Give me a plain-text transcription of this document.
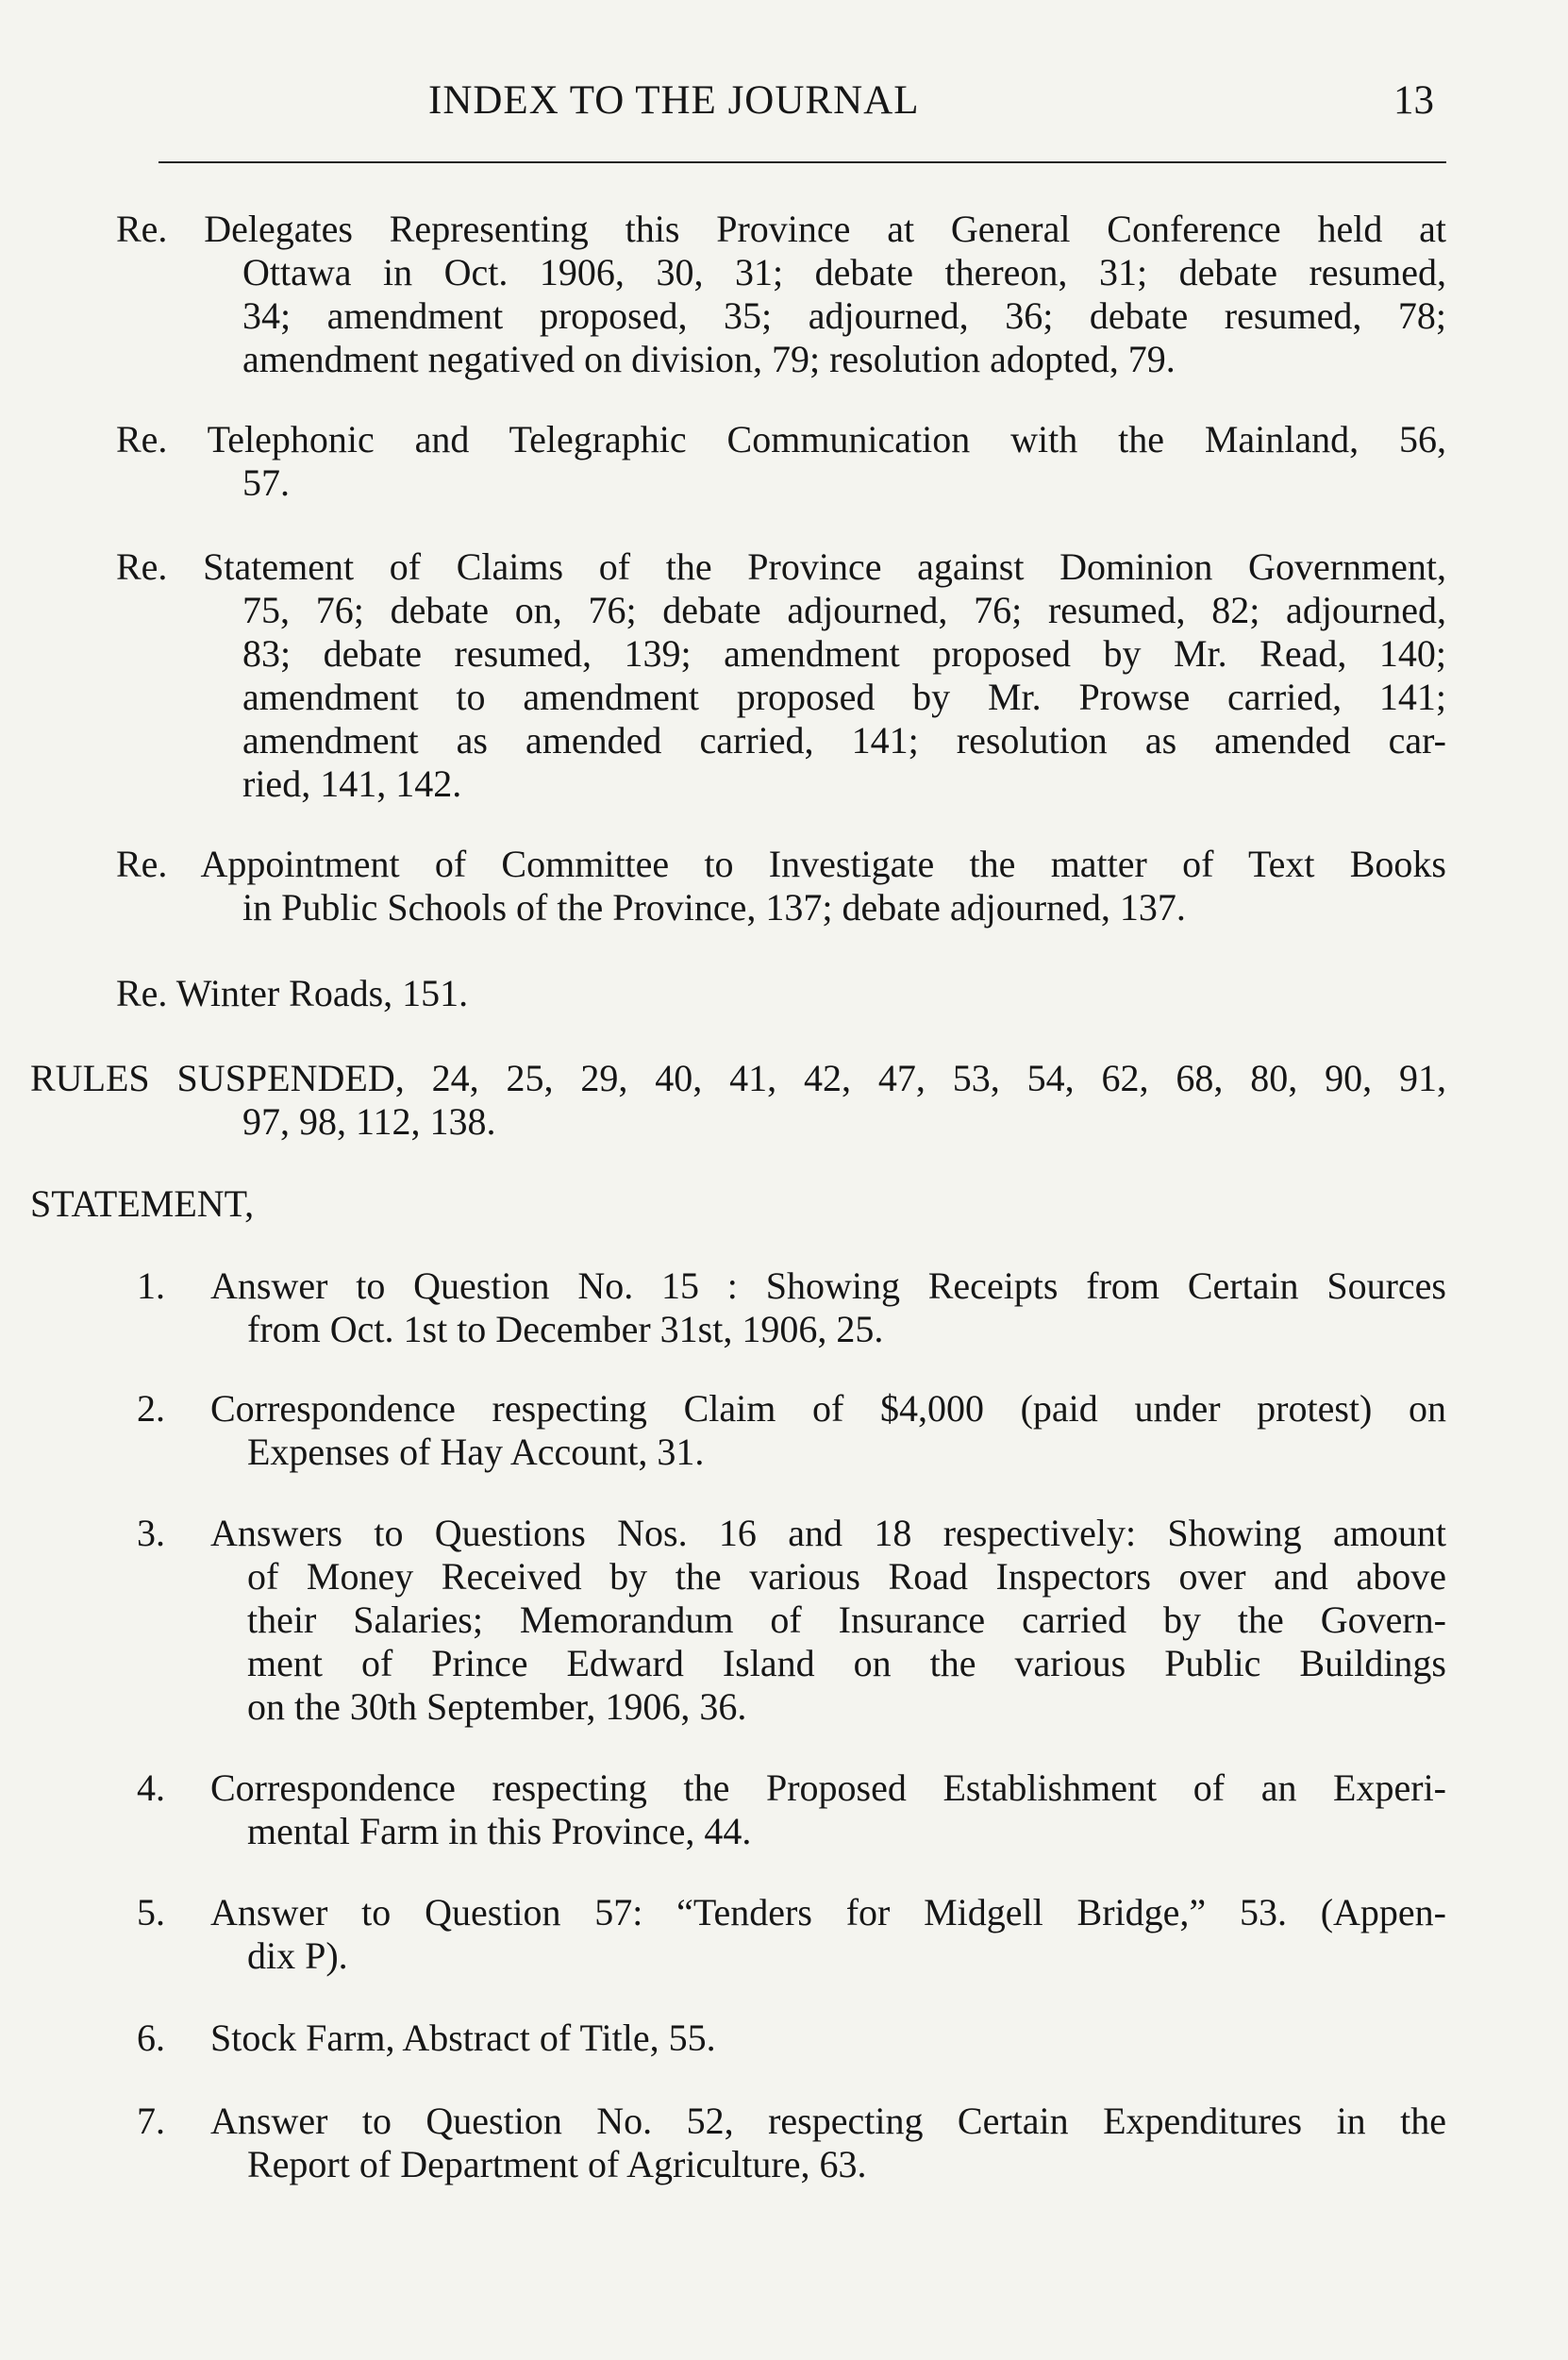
INDEX TO THE JOURNAL	13
Re. Delegates Representing this Province at General Conference held at
Ottawa in Oct. 1906, 30, 31; debate thereon, 31; debate resumed,
34; amendment proposed, 35; adjourned, 36; debate resumed, 78;
amendment negatived on division, 79; resolution adopted, 79.
Re. Telephonic and Telegraphic Communication with the Mainland, 56,
57.
Re. Statement of Claims of the Province against Dominion Government,
75, 76; debate on, 76; debate adjourned, 76; resumed, 82; adjourned,
83; debate resumed, 139; amendment proposed by Mr. Read, 140;
amendment to amendment proposed by Mr. Prowse carried, 141;
amendment as amended carried, 141; resolution as amended car-
ried, 141, 142.
Re. Appointment of Committee to Investigate the matter of Text Books
in Public Schools of the Province, 137; debate adjourned, 137.
Re. Winter Roads, 151.
RULES SUSPENDED, 24, 25, 29, 40, 41, 42, 47, 53, 54, 62, 68, 80, 90, 91,
97, 98, 112, 138.
STATEMENT,
1. Answer to Question No. 15 : Showing Receipts from Certain Sources
from Oct. 1st to December 31st, 1906, 25.
2. Correspondence respecting Claim of $4,000 (paid under protest) on
Expenses of Hay Account, 31.
3. Answers to Questions Nos. 16 and 18 respectively: Showing amount
of Money Received by the various Road Inspectors over and above
their Salaries; Memorandum of Insurance carried by the Govern-
ment of Prince Edward Island on the various Public Buildings
on the 30th September, 1906, 36.
4. Correspondence respecting the Proposed Establishment of an Experi-
mental Farm in this Province, 44.
5. Answer to Question 57: “Tenders for Midgell Bridge,” 53. (Appen-
dix P).
6. Stock Farm, Abstract of Title, 55.
7. Answer to Question No. 52, respecting Certain Expenditures in the
Report of Department of Agriculture, 63.
